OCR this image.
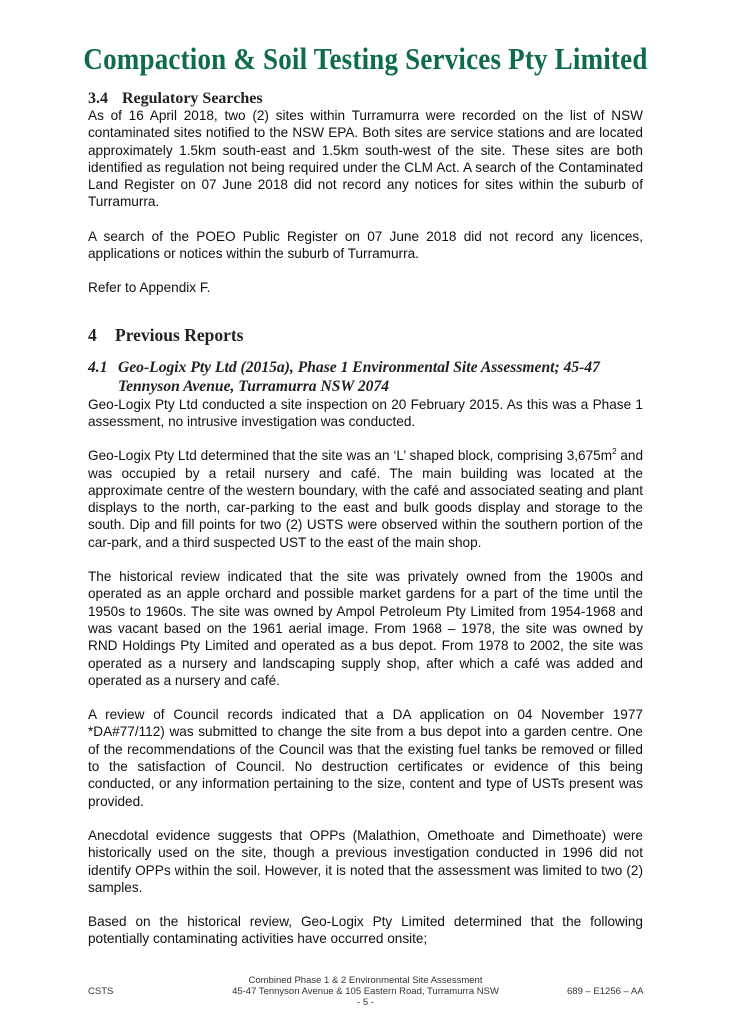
Compaction & Soil Testing Services Pty Limited
3.4 Regulatory Searches

As of 16 April 2018, two (2) sites within Turramurra were recorded on the list of NSW contaminated sites notified to the NSW EPA. Both sites are service stations and are located approximately 1.5km south-east and 1.5km south-west of the site. These sites are both identified as regulation not being required under the CLM Act. A search of the Contaminated Land Register on 07 June 2018 did not record any notices for sites within the suburb of Turramurra.

A search of the POEO Public Register on 07 June 2018 did not record any licences, applications or notices within the suburb of Turramurra.

Refer to Appendix F.

4 Previous Reports
4.1 Geo-Logix Pty Ltd (2015a), Phase 1 Environmental Site Assessment; 45-47 Tennyson Avenue, Turramurra NSW 2074

Geo-Logix Pty Ltd conducted a site inspection on 20 February 2015. As this was a Phase 1 assessment, no intrusive investigation was conducted.

Geo-Logix Pty Ltd determined that the site was an ‘L’ shaped block, comprising $3,675m^2$ and was occupied by a retail nursery and café. The main building was located at the approximate centre of the western boundary, with the café and associated seating and plant displays to the north, car-parking to the east and bulk goods display and storage to the south. Dip and fill points for two (2) USTS were observed within the southern portion of the car-park, and a third suspected UST to the east of the main shop.

The historical review indicated that the site was privately owned from the 1900s and operated as an apple orchard and possible market gardens for a part of the time until the 1950s to 1960s. The site was owned by Ampol Petroleum Pty Limited from 1954-1968 and was vacant based on the 1961 aerial image. From 1968 – 1978, the site was owned by RND Holdings Pty Limited and operated as a bus depot. From 1978 to 2002, the site was operated as a nursery and landscaping supply shop, after which a café was added and operated as a nursery and café.

A review of Council records indicated that a DA application on 04 November 1977 *DA#77/112) was submitted to change the site from a bus depot into a garden centre. One of the recommendations of the Council was that the existing fuel tanks be removed or filled to the satisfaction of Council. No destruction certificates or evidence of this being conducted, or any information pertaining to the size, content and type of USTs present was provided.

Anecdotal evidence suggests that OPPs (Malathion, Omethoate and Dimethoate) were historically used on the site, though a previous investigation conducted in 1996 did not identify OPPs within the soil. However, it is noted that the assessment was limited to two (2) samples.

Based on the historical review, Geo-Logix Pty Limited determined that the following potentially contaminating activities have occurred onsite;

Combined Phase 1 & 2 Environmental Site Assessment
45-47 Tennyson Avenue & 105 Eastern Road, Turramurra NSW
- 5 -
CSTS	689 – E1256 – AA
